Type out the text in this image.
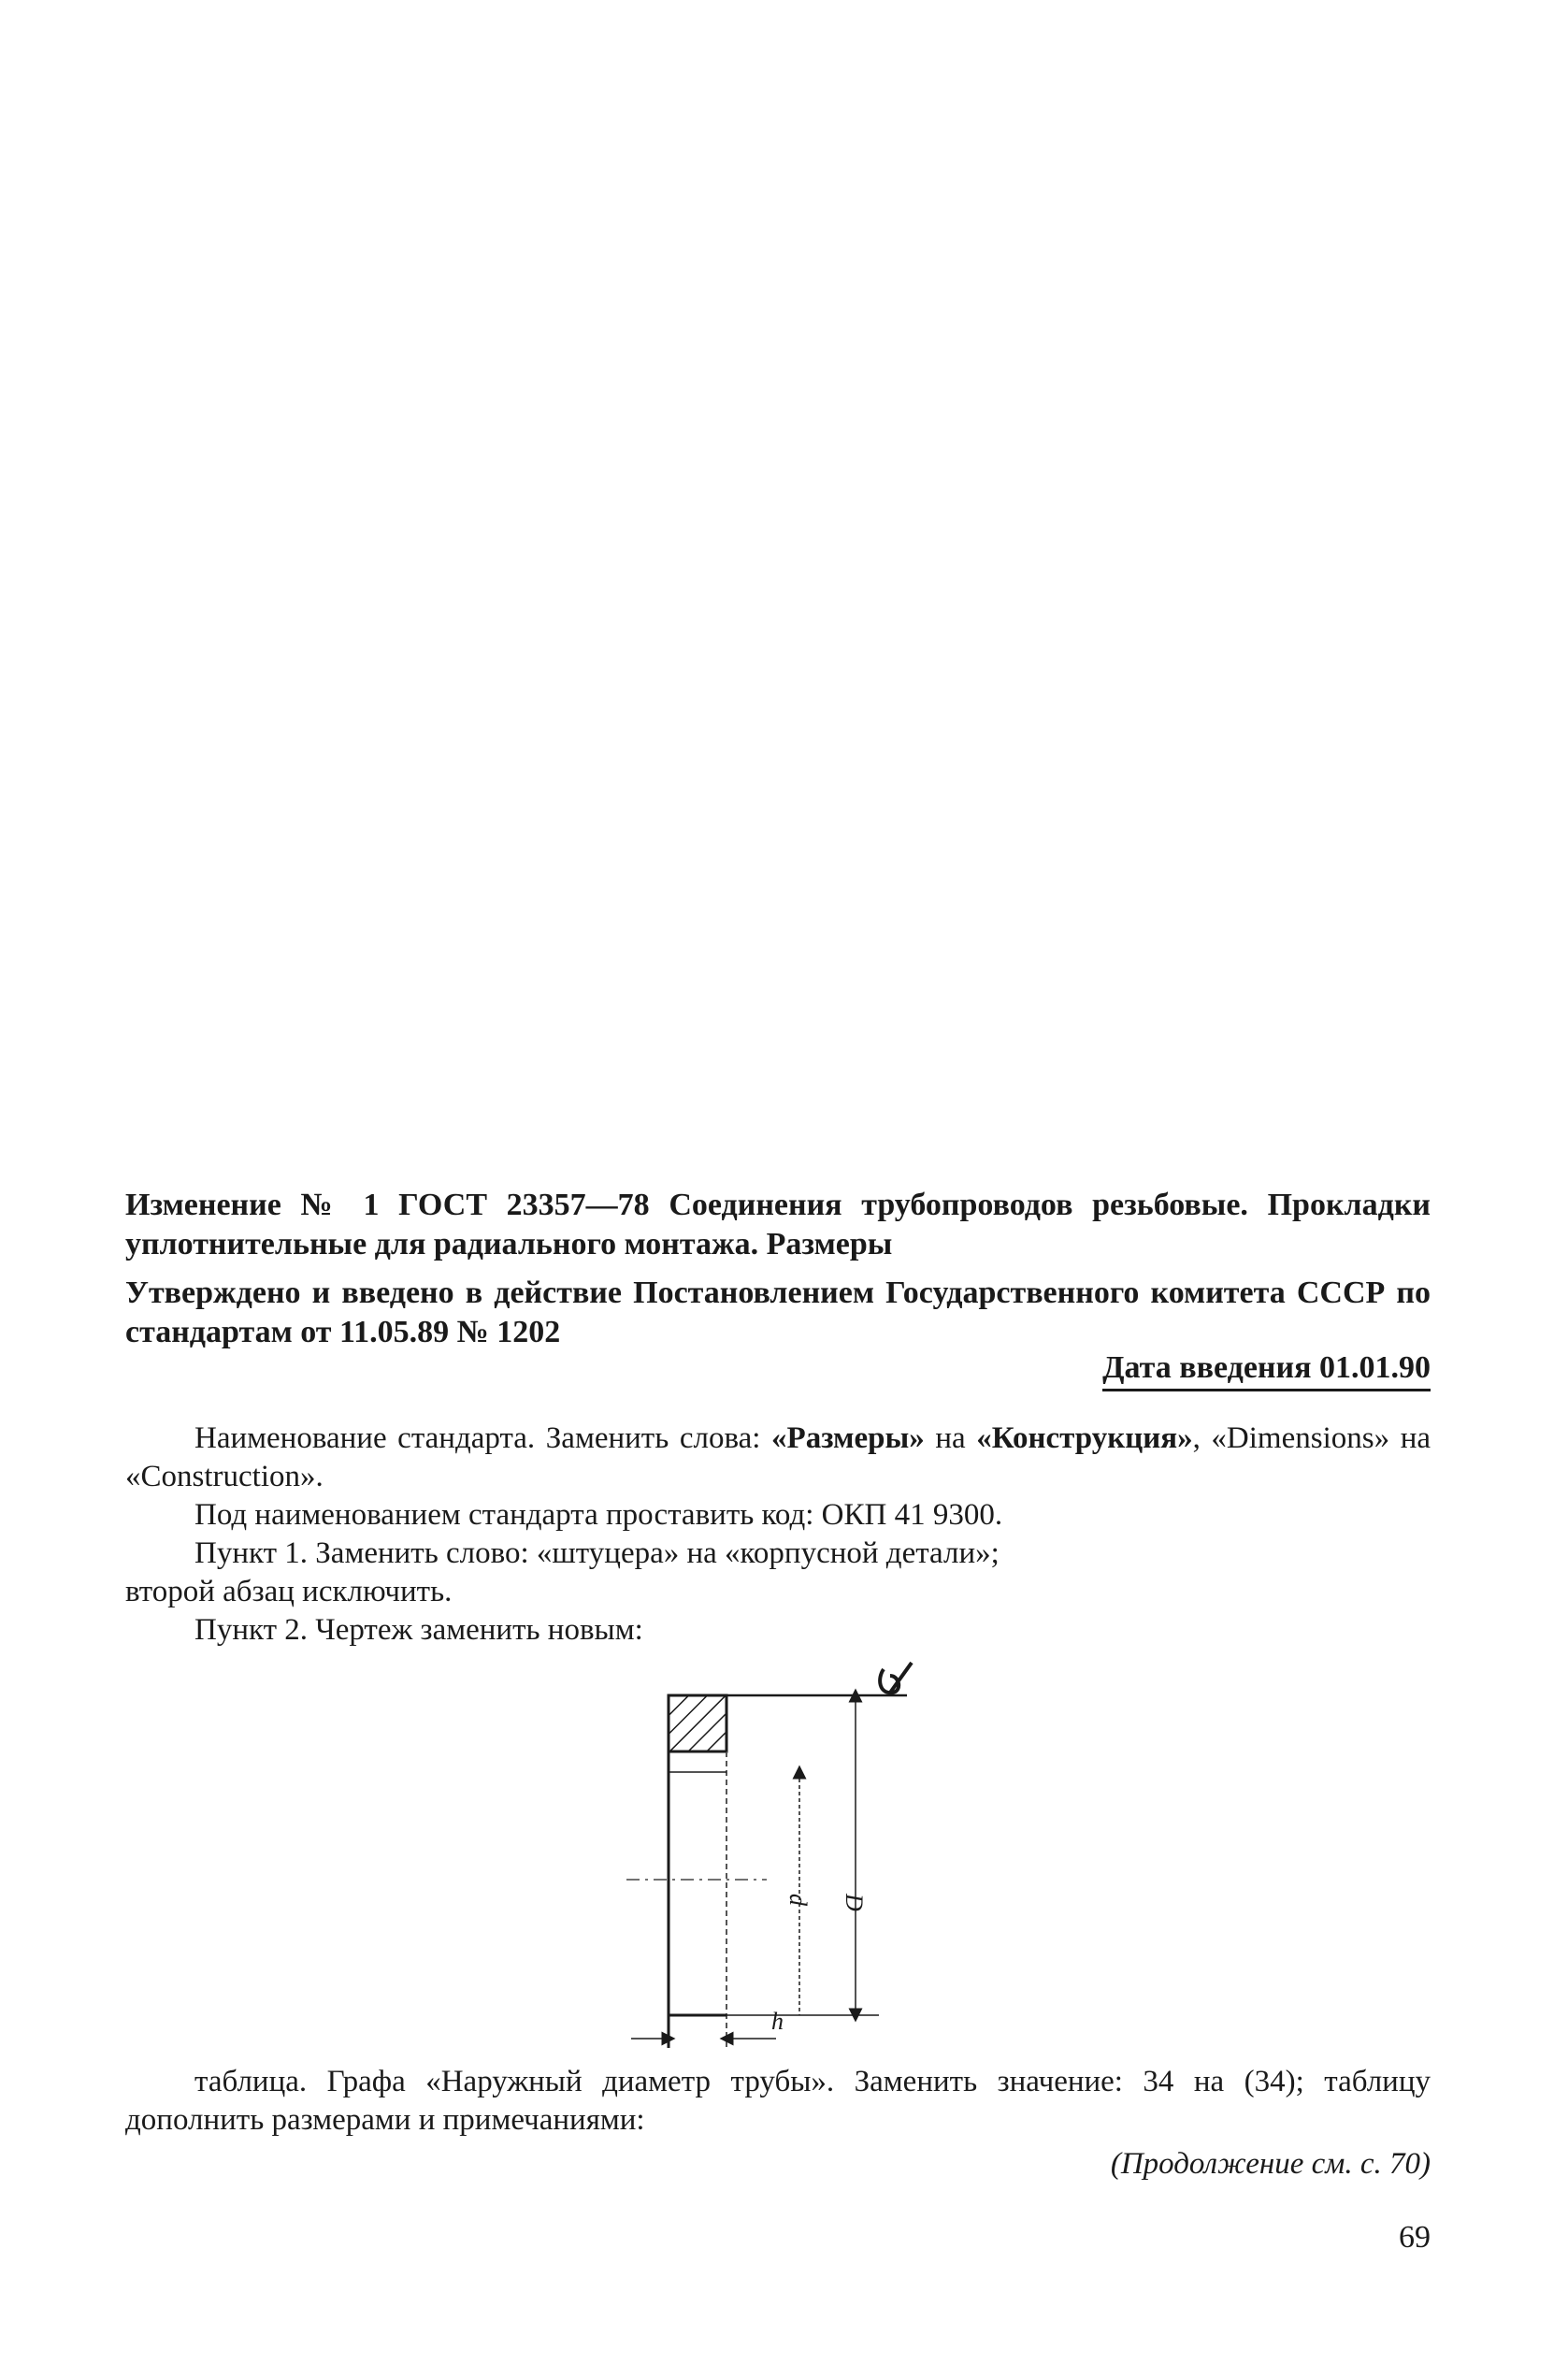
Изменение № 1 ГОСТ 23357—78 Соединения трубопроводов резьбовые. Прокладки уплотнительные для радиального монтажа. Размеры

Утверждено и введено в действие Постановлением Государственного комитета СССР по стандартам от 11.05.89 № 1202

Дата введения 01.01.90

Наименование стандарта. Заменить слова: «Размеры» на «Конструкция», «Dimensions» на «Construction».

Под наименованием стандарта проставить код: ОКП 41 9300.
Пункт 1. Заменить слово: «штуцера» на «корпусной детали»;
второй абзац исключить.
Пункт 2. Чертеж заменить новым:
d D
h

таблица. Графа «Наружный диаметр трубы». Заменить значение: 34 на (34); таблицу дополнить размерами и примечаниями:

(Продолжение см. с. 70)
69
